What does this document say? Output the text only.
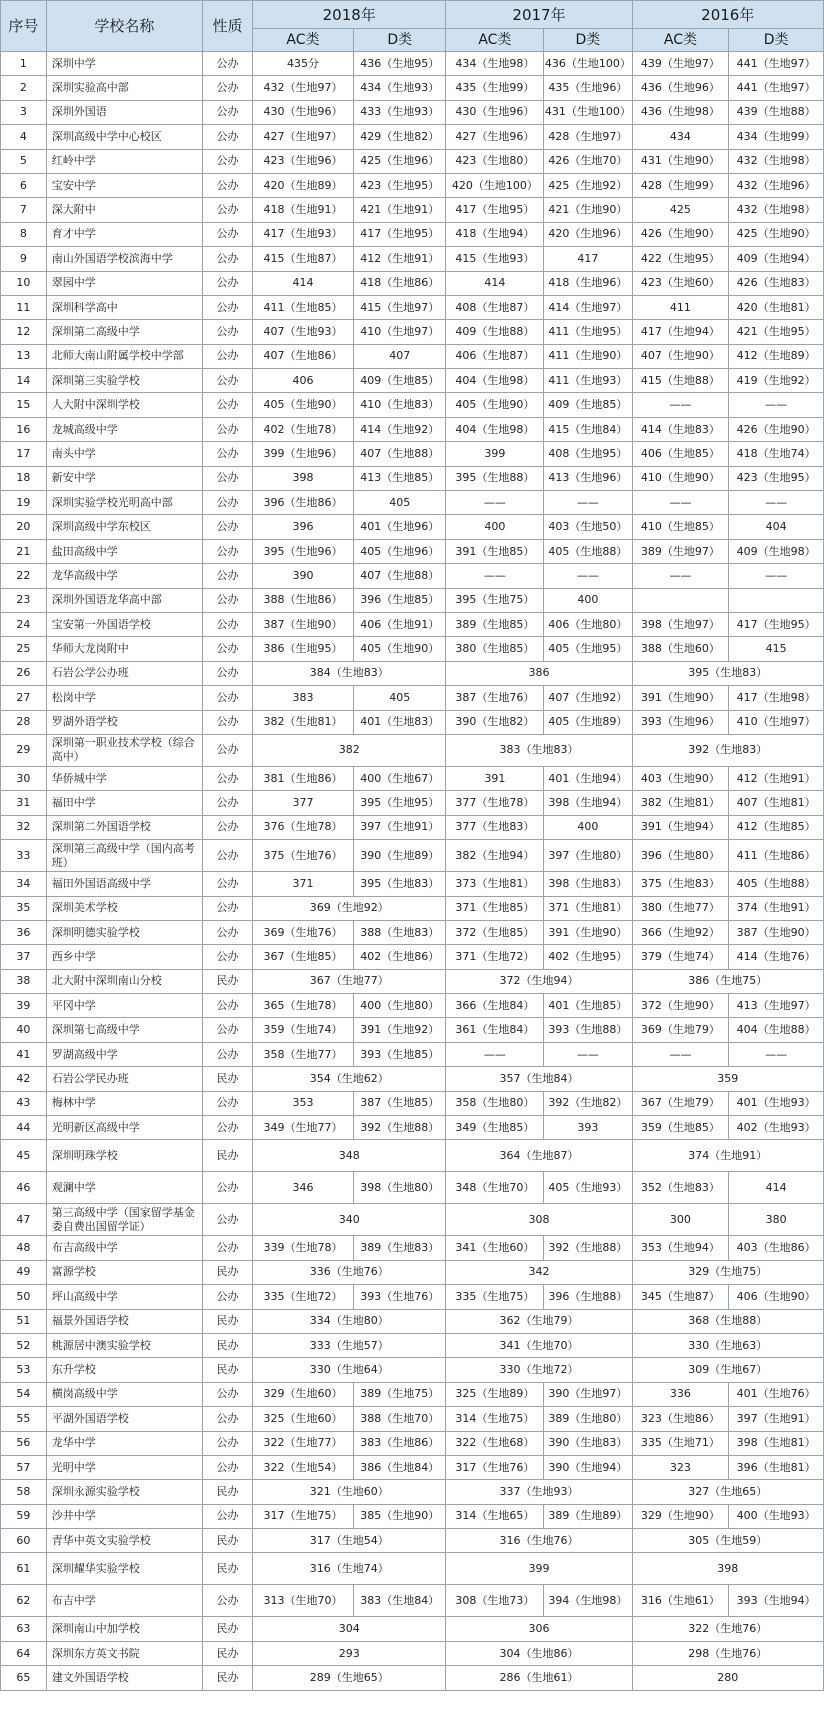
序号	学校名称	性质	2018年		2017年		2016年	
			AC类	D类	AC类	D类	AC类	D类
1	深圳中学	公办	435分	436（生地95）	434（生地98）	436（生地100）	439（生地97）	441（生地97）
2	深圳实验高中部	公办	432（生地97）	434（生地93）	435（生地99）	435（生地96）	436（生地96）	441（生地97）
3	深圳外国语	公办	430（生地96）	433（生地93）	430（生地96）	431（生地100）	436（生地98）	439（生地88）
4	深圳高级中学中心校区	公办	427（生地97）	429（生地82）	427（生地96）	428（生地97）	434	434（生地99）
5	红岭中学	公办	423（生地96）	425（生地96）	423（生地80）	426（生地70）	431（生地90）	432（生地98）
6	宝安中学	公办	420（生地89）	423（生地95）	420（生地100）	425（生地92）	428（生地99）	432（生地96）
7	深大附中	公办	418（生地91）	421（生地91）	417（生地95）	421（生地90）	425	432（生地98）
8	育才中学	公办	417（生地93）	417（生地95）	418（生地94）	420（生地96）	426（生地90）	425（生地90）
9	南山外国语学校滨海中学	公办	415（生地87）	412（生地91）	415（生地93）	417	422（生地95）	409（生地94）
10	翠园中学	公办	414	418（生地86）	414	418（生地96）	423（生地60）	426（生地83）
11	深圳科学高中	公办	411（生地85）	415（生地97）	408（生地87）	414（生地97）	411	420（生地81）
12	深圳第二高级中学	公办	407（生地93）	410（生地97）	409（生地88）	411（生地95）	417（生地94）	421（生地95）
13	北师大南山附属学校中学部	公办	407（生地86）	407	406（生地87）	411（生地90）	407（生地90）	412（生地89）
14	深圳第三实验学校	公办	406	409（生地85）	404（生地98）	411（生地93）	415（生地88）	419（生地92）
15	人大附中深圳学校	公办	405（生地90）	410（生地83）	405（生地90）	409（生地85）	——	——
16	龙城高级中学	公办	402（生地78）	414（生地92）	404（生地98）	415（生地84）	414（生地83）	426（生地90）
17	南头中学	公办	399（生地96）	407（生地88）	399	408（生地95）	406（生地85）	418（生地74）
18	新安中学	公办	398	413（生地85）	395（生地88）	413（生地96）	410（生地90）	423（生地95）
19	深圳实验学校光明高中部	公办	396（生地86）	405	——	——	——	——
20	深圳高级中学东校区	公办	396	401（生地96）	400	403（生地50）	410（生地85）	404
21	盐田高级中学	公办	395（生地96）	405（生地96）	391（生地85）	405（生地88）	389（生地97）	409（生地98）
22	龙华高级中学	公办	390	407（生地88）	——	——	——	——
23	深圳外国语龙华高中部	公办	388（生地86）	396（生地85）	395（生地75）	400		
24	宝安第一外国语学校	公办	387（生地90）	406（生地91）	389（生地85）	406（生地80）	398（生地97）	417（生地95）
25	华师大龙岗附中	公办	386（生地95）	405（生地90）	380（生地85）	405（生地95）	388（生地60）	415
26	石岩公学公办班	公办	384（生地83）		386		395（生地83）	
27	松岗中学	公办	383	405	387（生地76）	407（生地92）	391（生地90）	417（生地98）
28	罗湖外语学校	公办	382（生地81）	401（生地83）	390（生地82）	405（生地89）	393（生地96）	410（生地97）
29	深圳第一职业技术学校（综合高中）	公办	382		383（生地83）		392（生地83）	
30	华侨城中学	公办	381（生地86）	400（生地67）	391	401（生地94）	403（生地90）	412（生地91）
31	福田中学	公办	377	395（生地95）	377（生地78）	398（生地94）	382（生地81）	407（生地81）
32	深圳第二外国语学校	公办	376（生地78）	397（生地91）	377（生地83）	400	391（生地94）	412（生地85）
33	深圳第三高级中学（国内高考班）	公办	375（生地76）	390（生地89）	382（生地94）	397（生地80）	396（生地80）	411（生地86）
34	福田外国语高级中学	公办	371	395（生地83）	373（生地81）	398（生地83）	375（生地83）	405（生地88）
35	深圳美术学校	公办	369（生地92）		371（生地85）	371（生地81）	380（生地77）	374（生地91）
36	深圳明德实验学校	公办	369（生地76）	388（生地83）	372（生地85）	391（生地90）	366（生地92）	387（生地90）
37	西乡中学	公办	367（生地85）	402（生地86）	371（生地72）	402（生地95）	379（生地74）	414（生地76）
38	北大附中深圳南山分校	民办	367（生地77）		372（生地94）		386（生地75）	
39	平冈中学	公办	365（生地78）	400（生地80）	366（生地84）	401（生地85）	372（生地90）	413（生地97）
40	深圳第七高级中学	公办	359（生地74）	391（生地92）	361（生地84）	393（生地88）	369（生地79）	404（生地88）
41	罗湖高级中学	公办	358（生地77）	393（生地85）	——	——	——	——
42	石岩公学民办班	民办	354（生地62）		357（生地84）		359	
43	梅林中学	公办	353	387（生地85）	358（生地80）	392（生地82）	367（生地79）	401（生地93）
44	光明新区高级中学	公办	349（生地77）	392（生地88）	349（生地85）	393	359（生地85）	402（生地93）
45	深圳明珠学校	民办	348		364（生地87）		374（生地91）	
46	观澜中学	公办	346	398（生地80）	348（生地70）	405（生地93）	352（生地83）	414
47	第三高级中学（国家留学基金委自费出国留学证）	公办	340		308		300	380
48	布吉高级中学	公办	339（生地78）	389（生地83）	341（生地60）	392（生地88）	353（生地94）	403（生地86）
49	富源学校	民办	336（生地76）		342		329（生地75）	
50	坪山高级中学	公办	335（生地72）	393（生地76）	335（生地75）	396（生地88）	345（生地87）	406（生地90）
51	福景外国语学校	民办	334（生地80）		362（生地79）		368（生地88）	
52	桃源居中澳实验学校	民办	333（生地57）		341（生地70）		330（生地63）	
53	东升学校	民办	330（生地64）		330（生地72）		309（生地67）	
54	横岗高级中学	公办	329（生地60）	389（生地75）	325（生地89）	390（生地97）	336	401（生地76）
55	平湖外国语学校	公办	325（生地60）	388（生地70）	314（生地75）	389（生地80）	323（生地86）	397（生地91）
56	龙华中学	公办	322（生地77）	383（生地86）	322（生地68）	390（生地83）	335（生地71）	398（生地81）
57	光明中学	公办	322（生地54）	386（生地84）	317（生地76）	390（生地94）	323	396（生地81）
58	深圳永源实验学校	民办	321（生地60）		337（生地93）		327（生地65）	
59	沙井中学	公办	317（生地75）	385（生地90）	314（生地65）	389（生地89）	329（生地90）	400（生地93）
60	青华中英文实验学校	民办	317（生地54）		316（生地76）		305（生地59）	
61	深圳耀华实验学校	民办	316（生地74）		399		398	
62	布吉中学	公办	313（生地70）	383（生地84）	308（生地73）	394（生地98）	316（生地61）	393（生地94）
63	深圳南山中加学校	民办	304		306		322（生地76）	
64	深圳东方英文书院	民办	293		304（生地86）		298（生地76）	
65	建文外国语学校	民办	289（生地65）		286（生地61）		280	
